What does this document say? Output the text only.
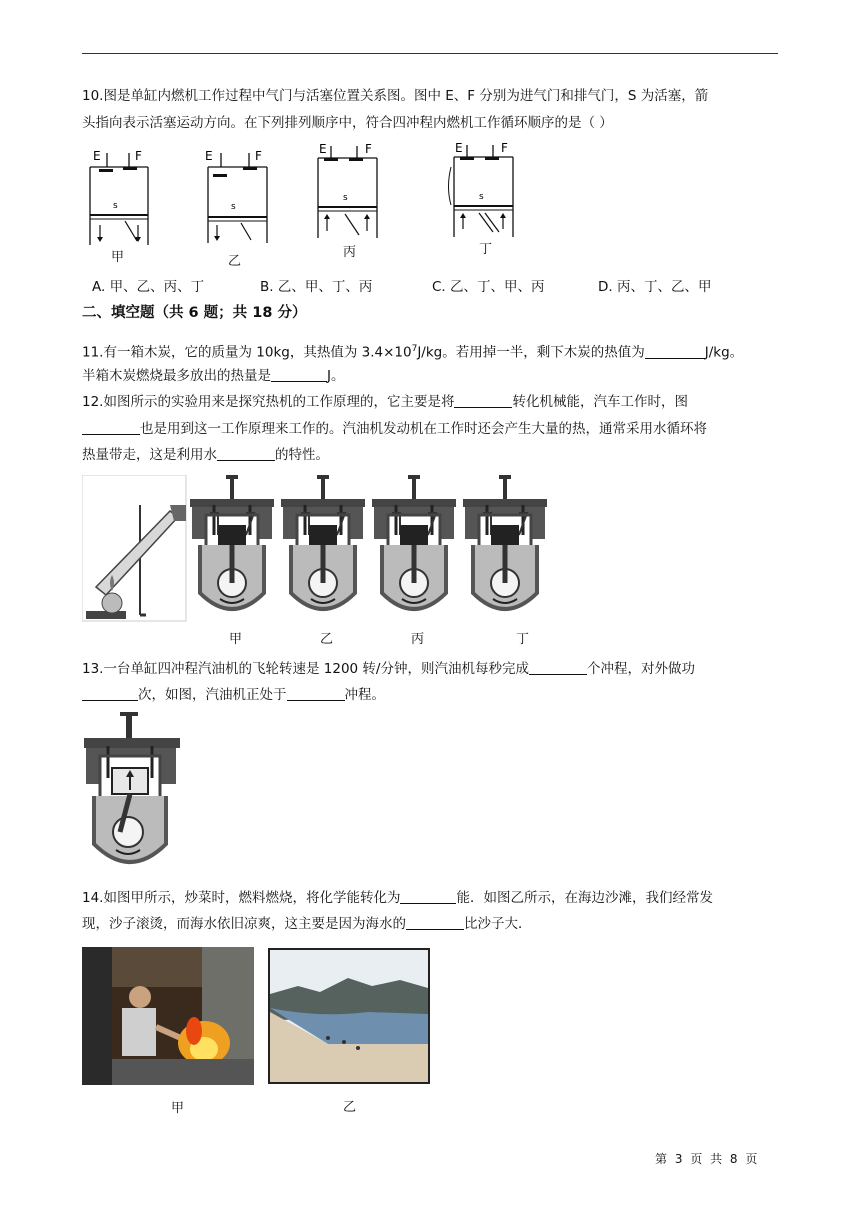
10.图是单缸内燃机工作过程中气门与活塞位置关系图。图中 E、F 分别为进气门和排气门，S 为活塞，箭
头指向表示活塞运动方向。在下列排列顺序中，符合四冲程内燃机工作循环顺序的是（ ）
E	F
s
甲
E	F
s
乙
E	F
s
丙
E	F
s
丁
A. 甲、乙、丙、丁	B. 乙、甲、丁、丙	C. 乙、丁、甲、丙	D. 丙、丁、乙、甲
二、填空题（共 6 题；共 18 分）
11.有一箱木炭，它的质量为 10kg，其热值为 $3.4\times 10^7J/kg$。若用掉一半，剩下木炭的热值为	J/kg。
半箱木炭燃烧最多放出的热量是	J。
12.如图所示的实验用来是探究热机的工作原理的，它主要是将	转化机械能，汽车工作时，图
也是用到这一工作原理来工作的。汽油机发动机在工作时还会产生大量的热，通常采用水循环将
热量带走，这是利用水	的特性。
甲	乙	丙	丁
13.一台单缸四冲程汽油机的飞轮转速是 1200 转/分钟，则汽油机每秒完成	个冲程，对外做功
次，如图，汽油机正处于	冲程。
14.如图甲所示，炒菜时，燃料燃烧，将化学能转化为	能．如图乙所示，在海边沙滩，我们经常发
现，沙子滚烫，而海水依旧凉爽，这主要是因为海水的	比沙子大．
甲	乙
第 3 页 共 8 页
